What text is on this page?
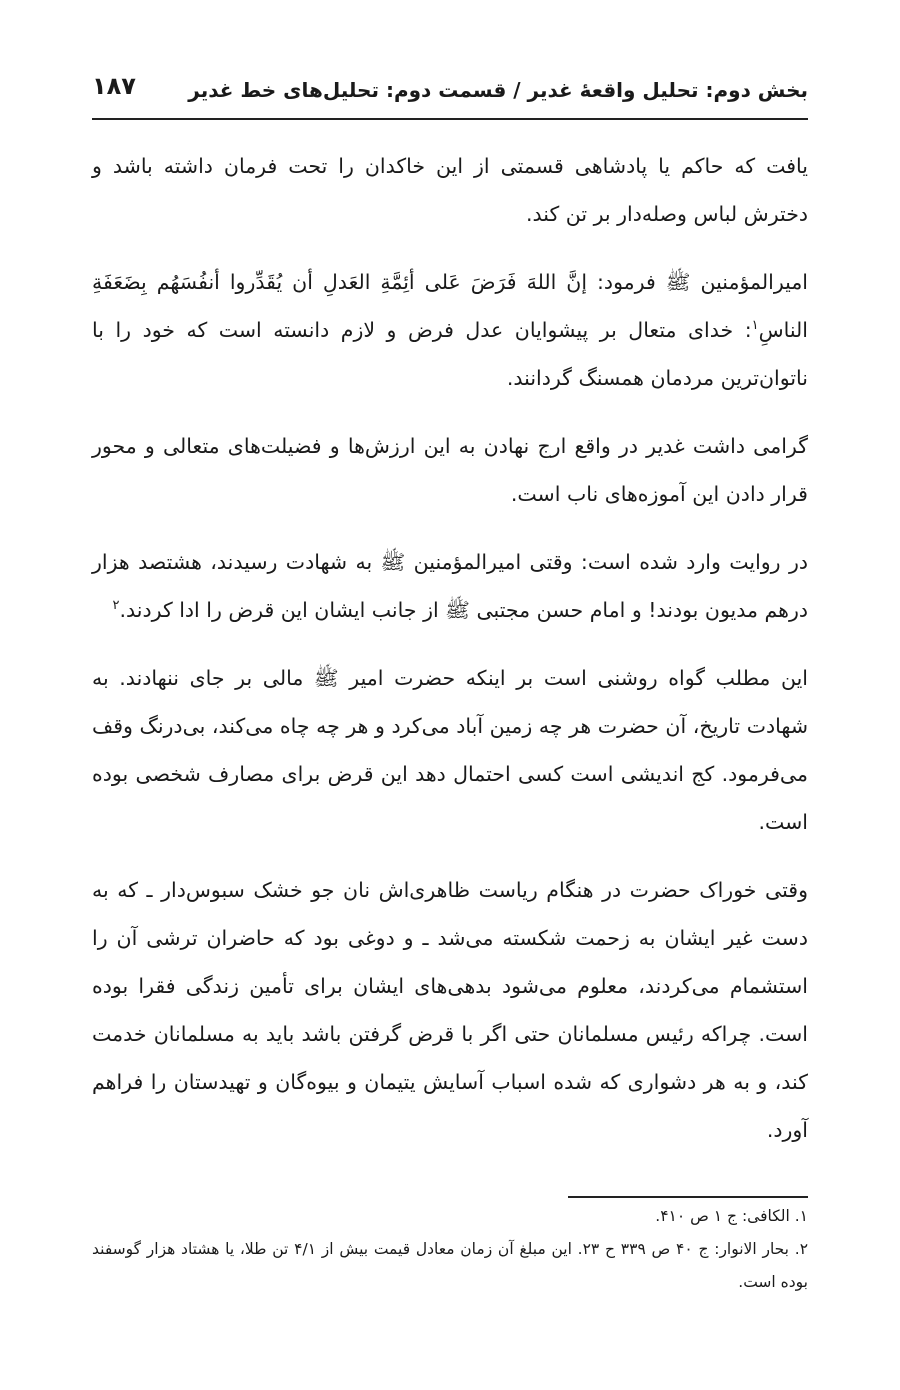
بخش دوم: تحلیل واقعهٔ غدیر / قسمت دوم: تحلیل‌های خط غدیر
۱۸۷

یافت که حاکم یا پادشاهی قسمتی از این خاکدان را تحت فرمان داشته باشد و دخترش لباس وصله‌دار بر تن کند.

امیرالمؤمنین ﷺ فرمود: إنَّ اللهَ فَرَضَ عَلی أئِمَّةِ العَدلِ أن یُقَدِّروا أنفُسَهُم بِضَعَفَةِ الناسِ$^۱$: خدای متعال بر پیشوایان عدل فرض و لازم دانسته است که خود را با ناتوان‌ترین مردمان همسنگ گردانند.

گرامی داشت غدیر در واقع ارج نهادن به این ارزش‌ها و فضیلت‌های متعالی و محور قرار دادن این آموزه‌های ناب است.

در روایت وارد شده است: وقتی امیرالمؤمنین ﷺ به شهادت رسیدند، هشتصد هزار درهم مدیون بودند! و امام حسن مجتبی ﷺ از جانب ایشان این قرض را ادا کردند.$^۲$

این مطلب گواه روشنی است بر اینکه حضرت امیر ﷺ مالی بر جای ننهادند. به شهادت تاریخ، آن حضرت هر چه زمین آباد می‌کرد و هر چه چاه می‌کند، بی‌درنگ وقف می‌فرمود. کج اندیشی است کسی احتمال دهد این قرض برای مصارف شخصی بوده است.

وقتی خوراک حضرت در هنگام ریاست ظاهری‌اش نان جو خشک سبوس‌دار ـ که به دست غیر ایشان به زحمت شکسته می‌شد ـ و دوغی بود که حاضران ترشی آن را استشمام می‌کردند، معلوم می‌شود بدهی‌های ایشان برای تأمین زندگی فقرا بوده است. چراکه رئیس مسلمانان حتی اگر با قرض گرفتن باشد باید به مسلمانان خدمت کند، و به هر دشواری که شده اسباب آسایش یتیمان و بیوه‌گان و تهیدستان را فراهم آورد.

۱. الکافی: ج ۱ ص ۴۱۰.

۲. بحار الانوار: ج ۴۰ ص ۳۳۹ ح ۲۳. این مبلغ آن زمان معادل قیمت بیش از ۴/۱ تن طلا، یا هشتاد هزار گوسفند بوده است.
